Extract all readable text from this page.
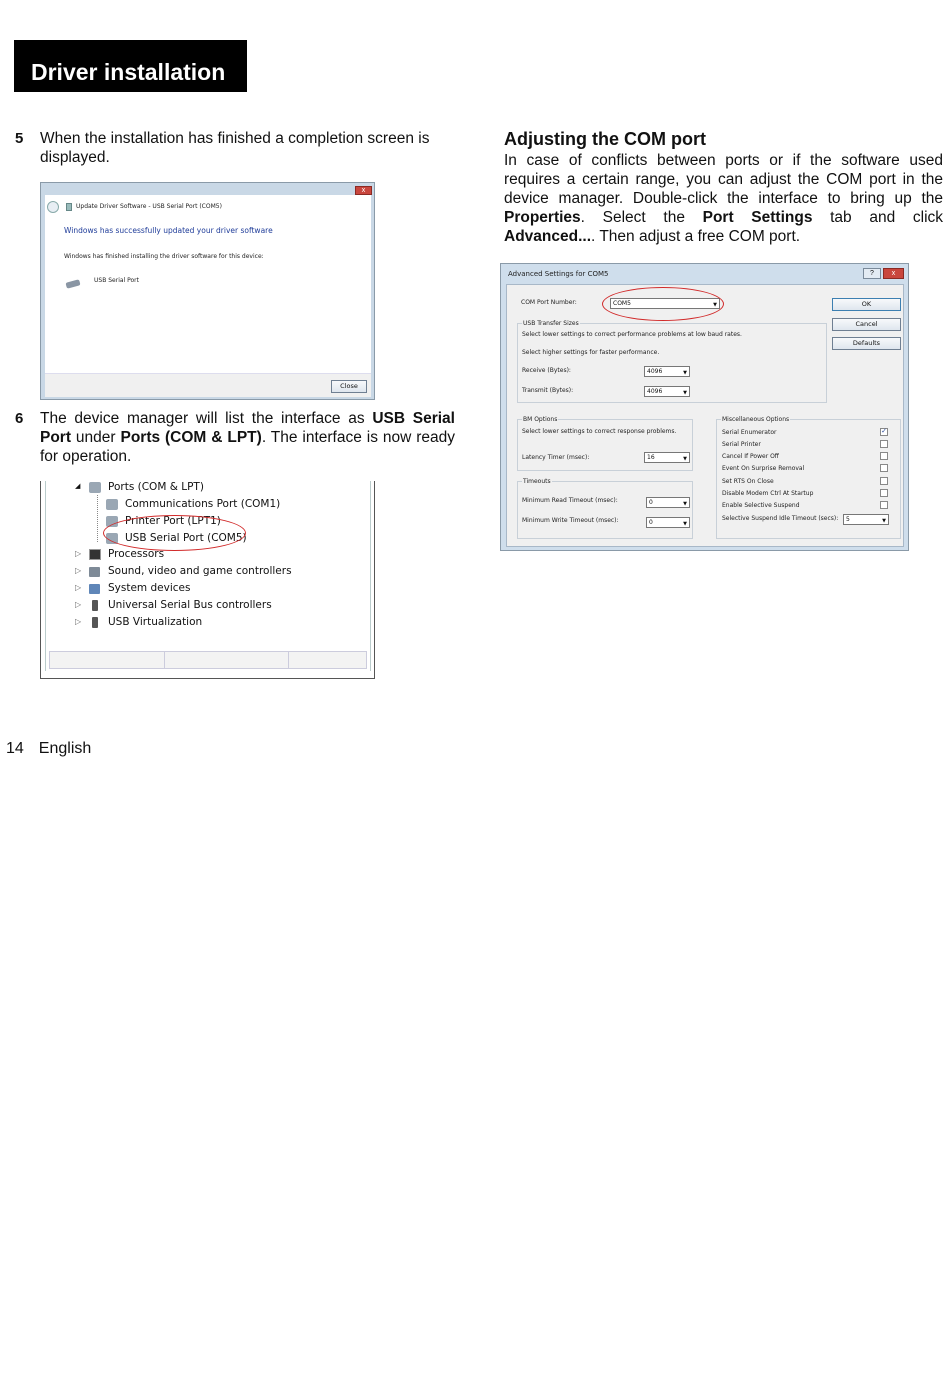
Driver installation
5 When the installation has finished a completion screen is displayed.
x
Update Driver Software - USB Serial Port (COM5)
Windows has successfully updated your driver software
Windows has finished installing the driver software for this device:
USB Serial Port
Close
6 The device manager will list the interface as USB Serial Port under Ports (COM & LPT). The interface is now ready for operation.
◢	Ports (COM & LPT)
Communications Port (COM1)
Printer Port (LPT1)
USB Serial Port (COM5)
▷	Processors
▷	Sound, video and game controllers
▷	System devices
▷	Universal Serial Bus controllers
▷	USB Virtualization
Adjusting the COM port
In case of conflicts between ports or if the software used requires a certain range, you can adjust the COM port in the device manager. Double-click the interface to bring up the Properties. Select the Port Settings tab and click Advanced.... Then adjust a free COM port.
Advanced Settings for COM5	?	x
COM Port Number:	COM5	▼	OK
Cancel
Defaults
USB Transfer Sizes
Select lower settings to correct performance problems at low baud rates.
Select higher settings for faster performance.
Receive (Bytes):	4096	▼
Transmit (Bytes):	4096	▼
BM Options
Select lower settings to correct response problems.
Latency Timer (msec):	16	▼
Timeouts
Minimum Read Timeout (msec):	0	▼
Minimum Write Timeout (msec):	0	▼
Miscellaneous Options
Serial Enumerator	✓
Serial Printer
Cancel If Power Off
Event On Surprise Removal
Set RTS On Close
Disable Modem Ctrl At Startup
Enable Selective Suspend
Selective Suspend Idle Timeout (secs):	5	▼
14 English
